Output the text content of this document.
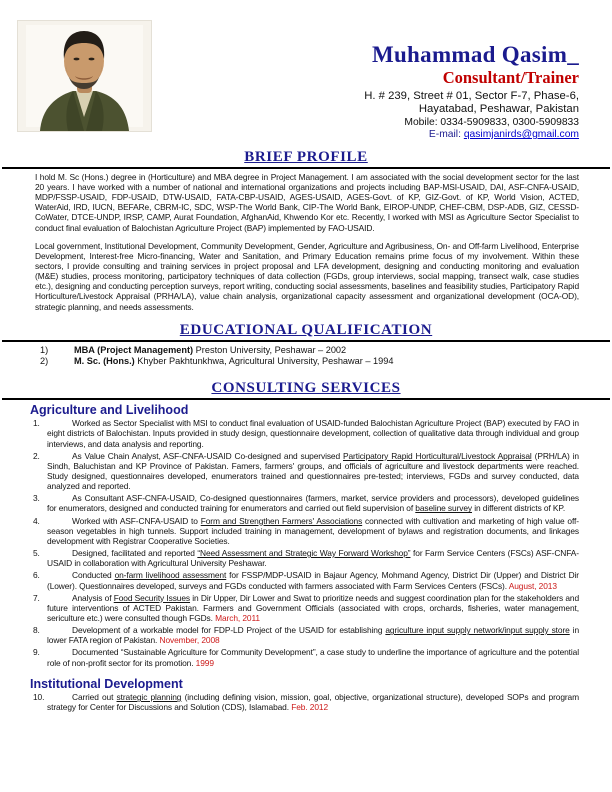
Muhammad Qasim_
Consultant/Trainer
H. # 239, Street # 01, Sector F-7, Phase-6,
Hayatabad, Peshawar, Pakistan
Mobile: 0334-5909833, 0300-5909833
E-mail: qasimjanirds@gmail.com
BRIEF PROFILE

I hold M. Sc (Hons.) degree in (Horticulture) and MBA degree in Project Management. I am associated with the social development sector for the last 20 years. I have worked with a number of national and international organizations and projects including BAP-MSI-USAID, DAI, ASF-CNFA-USAID, MDP/FSSP-USAID, FDP-USAID, DTW-USAID, FATA-CBP-USAID, AGES-USAID, AGES-Govt. of KP, GIZ-Govt. of KP, World Vision, ACTED, WaterAid, IRD, IUCN, BEFARe, CBRM-IC, SDC, WSP-The World Bank, CIP-The World Bank, EIROP-UNDP, CHEF-CBM, DSP-ADB, GIZ, CESSD-CoWater, DTCE-UNDP, IRSP, CAMP, Aurat Foundation, AfghanAid, Khwendo Kor etc. Recently, I worked with MSI as Agriculture Sector Specialist to conduct final evaluation of Balochistan Agriculture Project (BAP) implemented by FAO-USAID.

Local government, Institutional Development, Community Development, Gender, Agriculture and Agribusiness, On- and Off-farm Livelihood, Enterprise Development, Interest-free Micro-financing, Water and Sanitation, and Primary Education remains prime focus of my involvement. Within these sectors, I provide consulting and training services in project proposal and LFA development, designing and conducting monitoring and evaluation (M&E) studies, process monitoring, participatory techniques of data collection (FGDs, group interviews, social mapping, transect walk, case studies etc.), designing and conducting perception surveys, report writing, conducting social assessments, baselines and feasibility studies, Participatory Rapid Horticulture/Livestock Appraisal (PRHA/LA), value chain analysis, organizational capacity assessment and organizational development (OCA-OD), strategic planning, and needs assessments.

EDUCATIONAL QUALIFICATION
1)	MBA (Project Management) Preston University, Peshawar – 2002
2)	M. Sc. (Hons.) Khyber Pakhtunkhwa, Agricultural University, Peshawar – 1994
CONSULTING SERVICES
Agriculture and Livelihood
1.	Worked as Sector Specialist with MSI to conduct final evaluation of USAID-funded Balochistan Agriculture Project (BAP) executed by FAO in eight districts of Balochistan. Inputs provided in study design, questionnaire development, collection of qualitative data through individual and group interviews, and data analysis and reporting.
2.	As Value Chain Analyst, ASF-CNFA-USAID Co-designed and supervised Participatory Rapid Horticultural/Livestock Appraisal (PRH/LA) in Sindh, Baluchistan and KP Province of Pakistan. Famers, farmers' groups, and officials of agriculture and livestock departments were reached. Study designed, questionnaires developed, enumerators trained and questionnaires pre-tested; interviews, FGDs and survey conducted, data analyzed and reported.
3.	As Consultant ASF-CNFA-USAID, Co-designed questionnaires (farmers, market, service providers and processors), developed guidelines for enumerators, designed and conducted training for enumerators and carried out field supervision of baseline survey in different districts of KP.
4.	Worked with ASF-CNFA-USAID to Form and Strengthen Farmers' Associations connected with cultivation and marketing of high value off-season vegetables in high tunnels. Support included training in management, development of bylaws and registration documents, and linkages development with Registrar Cooperative Societies.
5.	Designed, facilitated and reported “Need Assessment and Strategic Way Forward Workshop” for Farm Service Centers (FSCs) ASF-CNFA-USAID in collaboration with Agricultural University Peshawar.
6.	Conducted on-farm livelihood assessment for FSSP/MDP-USAID in Bajaur Agency, Mohmand Agency, District Dir (Upper) and District Dir (Lower). Questionnaires developed, surveys and FGDs conducted with farmers associated with Farm Services Centers (FSCs). August, 2013
7.	Analysis of Food Security Issues in Dir Upper, Dir Lower and Swat to prioritize needs and suggest coordination plan for the stakeholders and future interventions of ACTED Pakistan. Farmers and Government Officials (associated with crops, orchards, fisheries, water management, sericulture etc.) were consulted though FGDs. March, 2011
8.	Development of a workable model for FDP-LD Project of the USAID for establishing agriculture input supply network/input supply store in lower FATA region of Pakistan. November, 2008
9.	Documented “Sustainable Agriculture for Community Development”, a case study to underline the importance of agriculture and the potential role of non-profit sector for its promotion. 1999
Institutional Development
10.	Carried out strategic planning (including defining vision, mission, goal, objective, organizational structure), developed SOPs and program strategy for Center for Discussions and Solution (CDS), Islamabad. Feb. 2012
